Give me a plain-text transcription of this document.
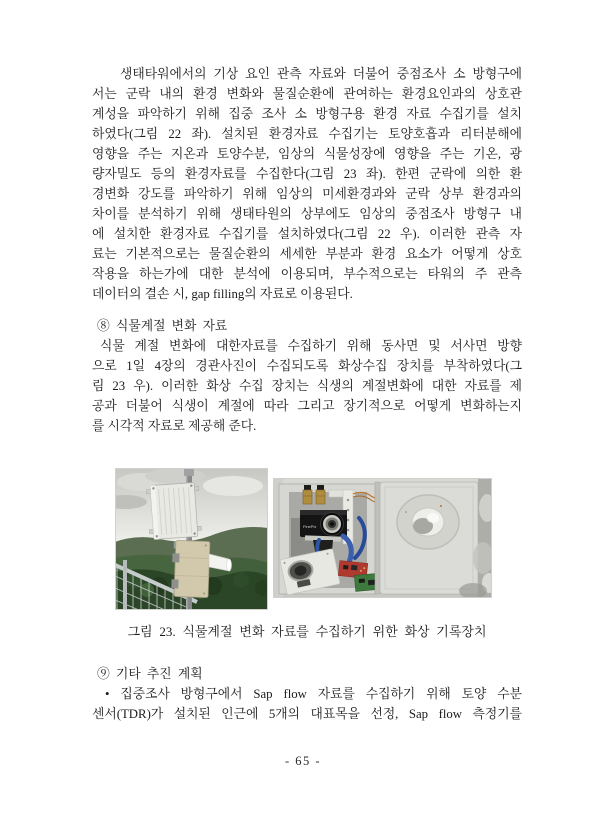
생태타워에서의 기상 요인 관측 자료와 더불어 중점조사 소 방형구에
서는 군락 내의 환경 변화와 물질순환에 관여하는 환경요인과의 상호관
계성을 파악하기 위해 집중 조사 소 방형구용 환경 자료 수집기를 설치
하였다(그림 22 좌). 설치된 환경자료 수집기는 토양호흡과 리터분해에
영향을 주는 지온과 토양수분, 임상의 식물성장에 영향을 주는 기온, 광
량자밀도 등의 환경자료를 수집한다(그림 23 좌). 한편 군락에 의한 환
경변화 강도를 파악하기 위해 임상의 미세환경과와 군락 상부 환경과의
차이를 분석하기 위해 생태타원의 상부에도 임상의 중점조사 방형구 내
에 설치한 환경자료 수집기를 설치하였다(그림 22 우). 이러한 관측 자
료는 기본적으로는 물질순환의 세세한 부분과 환경 요소가 어떻게 상호
작용을 하는가에 대한 분석에 이용되며, 부수적으로는 타워의 주 관측
데이터의 결손 시, gap filling의 자료로 이용된다.
⑧ 식물계절 변화 자료
식물 계절 변화에 대한자료를 수집하기 위해 동사면 및 서사면 방향
으로 1일 4장의 경관사진이 수집되도록 화상수집 장치를 부착하였다(그
림 23 우). 이러한 화상 수집 장치는 식생의 계절변화에 대한 자료를 제
공과 더불어 식생이 계절에 따라 그리고 장기적으로 어떻게 변화하는지
를 시각적 자료로 제공해 준다.
FinePix
그림 23. 식물계절 변화 자료를 수집하기 위한 화상 기록장치
⑨ 기타 추진 계획
• 집중조사 방형구에서 Sap flow 자료를 수집하기 위해 토양 수분
센서(TDR)가 설치된 인근에 5개의 대표목을 선정, Sap flow 측정기를
- 65 -
